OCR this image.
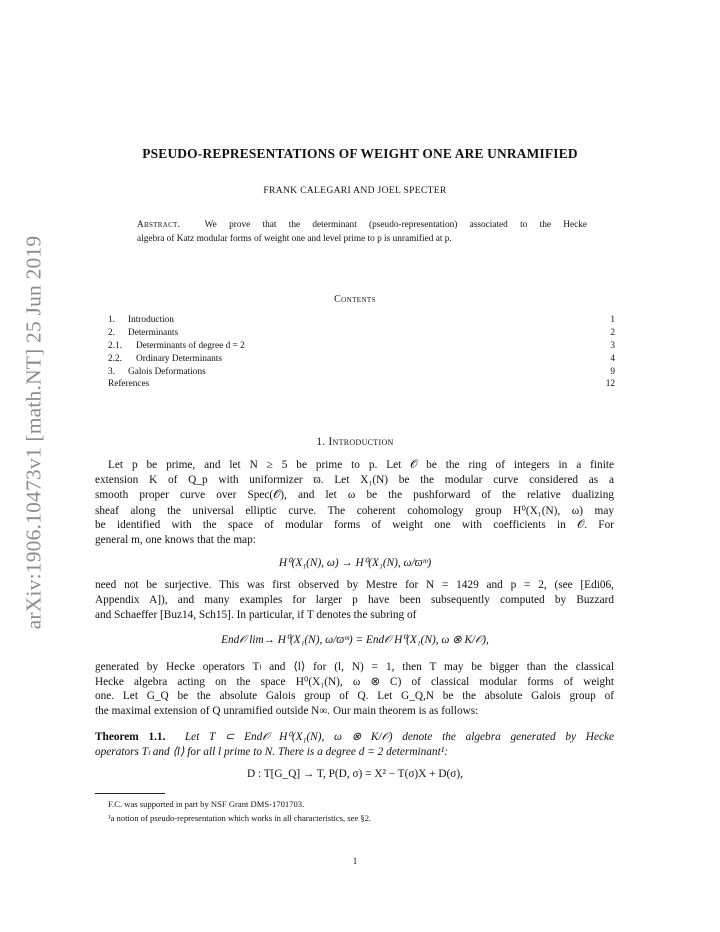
arXiv:1906.10473v1 [math.NT] 25 Jun 2019
PSEUDO-REPRESENTATIONS OF WEIGHT ONE ARE UNRAMIFIED
FRANK CALEGARI AND JOEL SPECTER
Abstract.	We prove that the determinant (pseudo-representation) associated to the Hecke
algebra of Katz modular forms of weight one and level prime to p is unramified at p.
Contents
1.	Introduction	1
2.	Determinants	2
2.1.	Determinants of degree d = 2	3
2.2.	Ordinary Determinants	4
3.	Galois Deformations	9
References	12
1. Introduction
Let p be prime, and let N ≥ 5 be prime to p. Let 𝒪 be the ring of integers in a finite
extension K of Q_p with uniformizer ϖ. Let X₁(N) be the modular curve considered as a
smooth proper curve over Spec(𝒪), and let ω be the pushforward of the relative dualizing
sheaf along the universal elliptic curve. The coherent cohomology group H⁰(X₁(N), ω) may
be identified with the space of modular forms of weight one with coefficients in 𝒪. For
general m, one knows that the map:
H⁰(X₁(N), ω) → H⁰(X₁(N), ω/ϖᵐ)
need not be surjective. This was first observed by Mestre for N = 1429 and p = 2, (see [Edi06,
Appendix A]), and many examples for larger p have been subsequently computed by Buzzard
and Schaeffer [Buz14, Sch15]. In particular, if T denotes the subring of
End𝒪 lim→ H⁰(X₁(N), ω/ϖᵐ) = End𝒪 H⁰(X₁(N), ω ⊗ K/𝒪),
generated by Hecke operators Tₗ and ⟨l⟩ for (l, N) = 1, then T may be bigger than the classical
Hecke algebra acting on the space H⁰(X₁(N), ω ⊗ C) of classical modular forms of weight
one. Let G_Q be the absolute Galois group of Q. Let G_Q,N be the absolute Galois group of
the maximal extension of Q unramified outside N∞. Our main theorem is as follows:
Theorem 1.1. Let T ⊂ End𝒪 H⁰(X₁(N), ω ⊗ K/𝒪) denote the algebra generated by Hecke
operators Tₗ and ⟨l⟩ for all l prime to N. There is a degree d = 2 determinant¹:
D : T[G_Q] → T, P(D, σ) = X² − T(σ)X + D(σ),
F.C. was supported in part by NSF Grant DMS-1701703.
¹a notion of pseudo-representation which works in all characteristics, see §2.
1
